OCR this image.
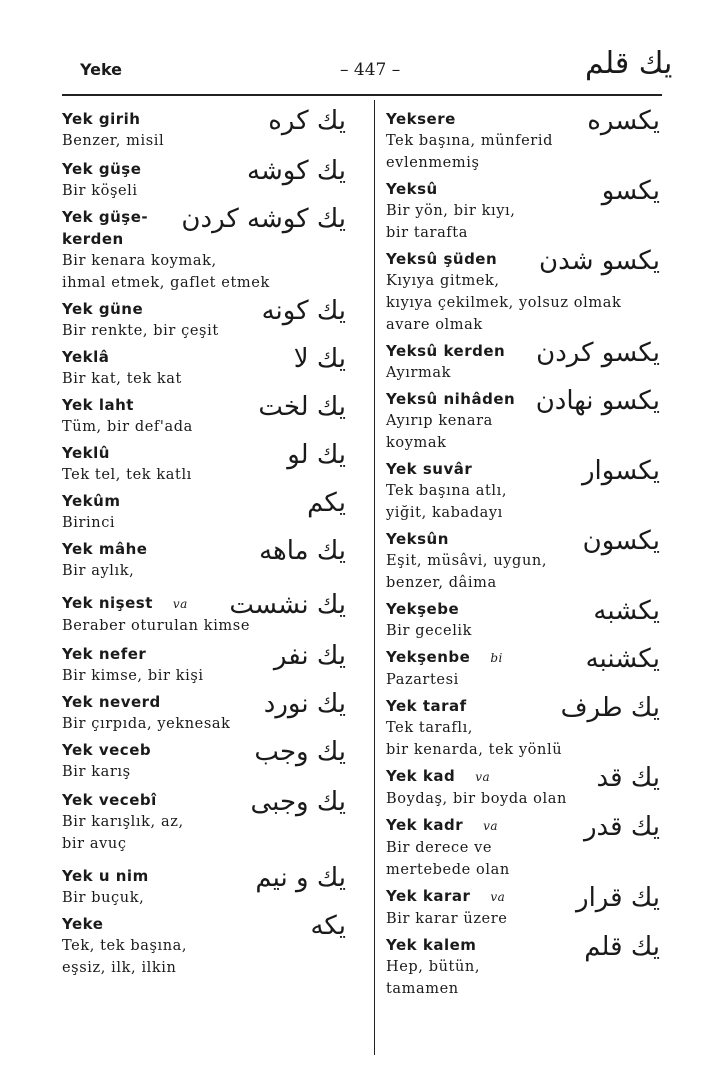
Yeke	– 447 –	يك قلم
Yek girih	يك كره
Benzer, misil
Yek güşe	يك كوشه
Bir köşeli
Yek güşe-
kerden
يك كوشه كردن
Bir kenara koymak,
ihmal etmek, gaflet etmek
Yek güne	يك كونه
Bir renkte, bir çeşit
Yeklâ	يك لا
Bir kat, tek kat
Yek laht	يك لخت
Tüm, bir def'ada
Yeklû	يك لو
Tek tel, tek katlı
Yekûm	يكم
Birinci
Yek mâhe	يك ماهه
Bir aylık,
Yek nişest va	يك نشست
Beraber oturulan kimse
Yek nefer	يك نفر
Bir kimse, bir kişi
Yek neverd	يك نورد
Bir çırpıda, yeknesak
Yek veceb	يك وجب
Bir karış
Yek vecebî	يك وجبى
Bir karışlık, az,
bir avuç
Yek u nim	يك و نيم
Bir buçuk,
Yeke	يكه
Tek, tek başına,
eşsiz, ilk, ilkin
Yeksere	يكسره
Tek başına, münferid
evlenmemiş
Yeksû	يكسو
Bir yön, bir kıyı,
bir tarafta
Yeksû şüden	يكسو شدن
Kıyıya gitmek,
kıyıya çekilmek, yolsuz olmak
avare olmak
Yeksû kerden	يكسو كردن
Ayırmak
Yeksû nihâden يكسو نهادن
Ayırıp kenara
koymak
Yek suvâr	يكسوار
Tek başına atlı,
yiğit, kabadayı
Yeksûn	يكسون
Eşit, müsâvi, uygun,
benzer, dâima
Yekşebe	يكشبه
Bir gecelik
Yekşenbe bi	يكشنبه
Pazartesi
Yek taraf	يك طرف
Tek taraflı,
bir kenarda, tek yönlü
Yek kad va	يك قد
Boydaş, bir boyda olan
Yek kadr va	يك قدر
Bir derece ve
mertebede olan
Yek karar va	يك قرار
Bir karar üzere
Yek kalem	يك قلم
Hep, bütün,
tamamen
